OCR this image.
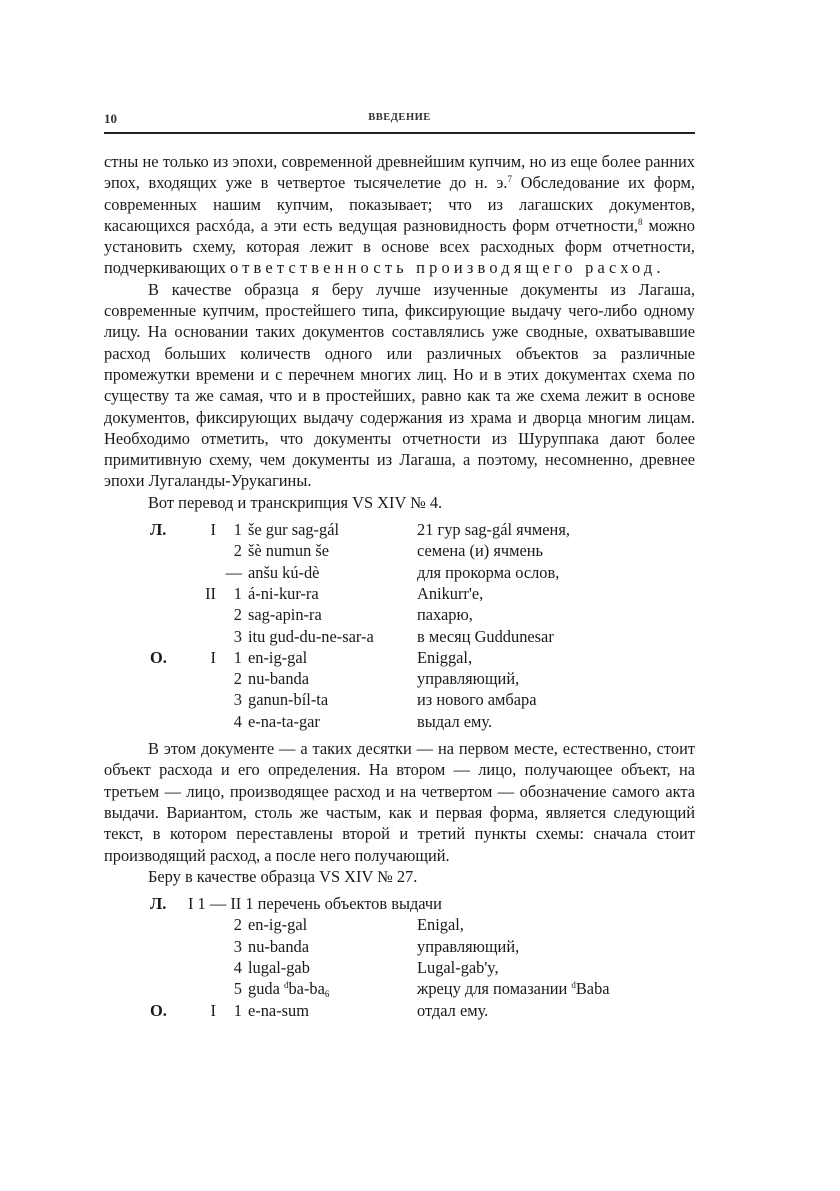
10	ВВЕДЕНИЕ

стны не только из эпохи, современной древнейшим купчим, но из еще более ранних эпох, входящих уже в четвертое тысячелетие до н. э.$^7$ Обследование их форм, современных нашим купчим, показывает; что из лагашских документов, касающихся расхóда, а эти есть ведущая разновидность форм отчетности,$^8$ можно установить схему, которая лежит в основе всех расходных форм отчетности, подчеркивающих ответственность производящего расход.

В качестве образца я беру лучше изученные документы из Лагаша, современные купчим, простейшего типа, фиксирующие выдачу чего-либо одному лицу. На основании таких документов составлялись уже сводные, охватывавшие расход больших количеств одного или различных объектов за различные промежутки времени и с перечнем многих лиц. Но и в этих документах схема по существу та же самая, что и в простейших, равно как та же схема лежит в основе документов, фиксирующих выдачу содержания из храма и дворца многим лицам. Необходимо отметить, что документы отчетности из Шуруппака дают более примитивную схему, чем документы из Лагаша, а поэтому, несомненно, древнее эпохи Лугаланды-Урукагины.

Вот перевод и транскрипция VS XIV № 4.

Л.	I	1 še gur sag-gál	21 гур sag-gál ячменя,
2 šè numun še	семена (и) ячмень
— anšu kú-dè	для прокорма ослов,
II	1 á-ni-kur-ra	Anikurr'e,
2 sag-apin-ra	пахарю,
3 itu gud-du-ne-sar-a	в месяц Guddunesar
О.	I	1 en-ig-gal	Eniggal,
2 nu-banda	управляющий,
3 ganun-bíl-ta	из нового амбара
4 e-na-ta-gar	выдал ему.

В этом документе — а таких десятки — на первом месте, естественно, стоит объект расхода и его определения. На втором — лицо, получающее объект, на третьем — лицо, производящее расход и на четвертом — обозначение самого акта выдачи. Вариантом, столь же частым, как и первая форма, является следующий текст, в котором переставлены второй и третий пункты схемы: сначала стоит производящий расход, а после него получающий.

Беру в качестве образца VS XIV № 27.

Л.	I 1 — II 1 перечень объектов выдачи
2 en-ig-gal	Enigal,
3 nu-banda	управляющий,
4 lugal-gab	Lugal-gab'y,
5 guda $^dba-ba_6$	жрецу для помазании $^d$Baba
О.	I	1 e-na-sum	отдал ему.
